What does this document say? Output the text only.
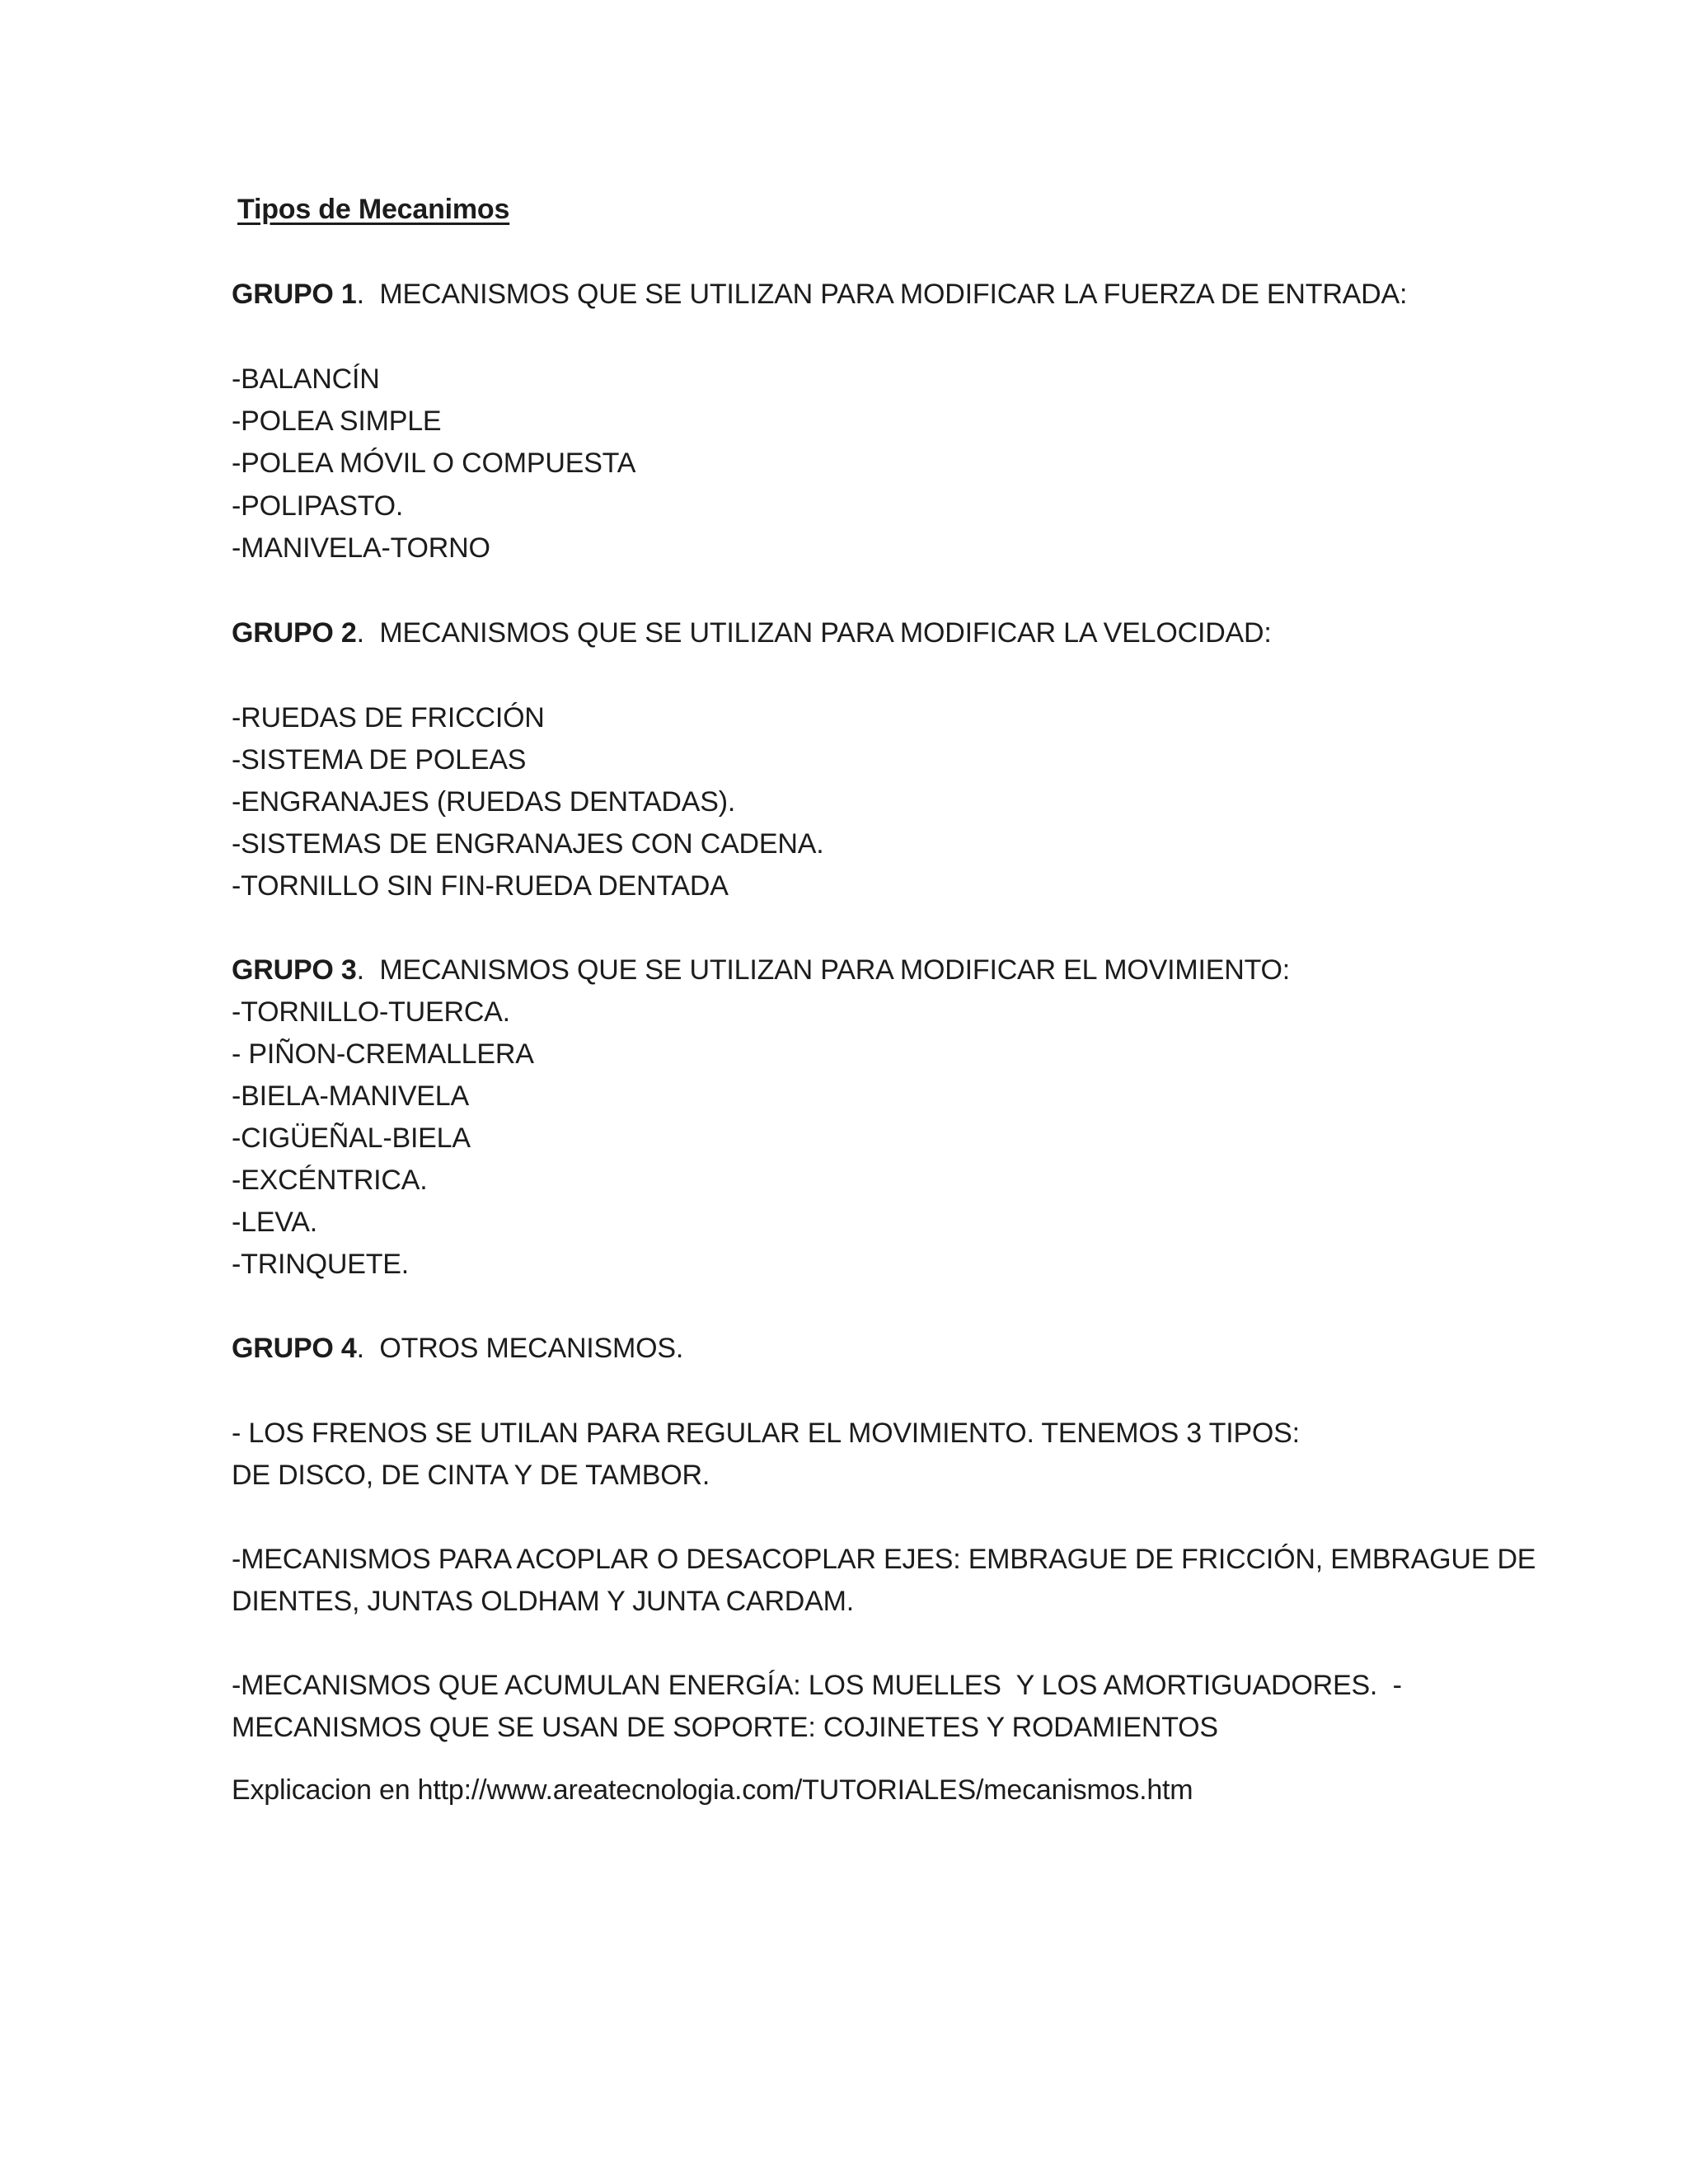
Tipos de Mecanimos
GRUPO 1.  MECANISMOS QUE SE UTILIZAN PARA MODIFICAR LA FUERZA DE ENTRADA:
-BALANCÍN
-POLEA SIMPLE
-POLEA MÓVIL O COMPUESTA
-POLIPASTO.
-MANIVELA-TORNO
GRUPO 2.  MECANISMOS QUE SE UTILIZAN PARA MODIFICAR LA VELOCIDAD:
-RUEDAS DE FRICCIÓN
-SISTEMA DE POLEAS
-ENGRANAJES (RUEDAS DENTADAS).
-SISTEMAS DE ENGRANAJES CON CADENA.
-TORNILLO SIN FIN-RUEDA DENTADA
GRUPO 3.  MECANISMOS QUE SE UTILIZAN PARA MODIFICAR EL MOVIMIENTO:
-TORNILLO-TUERCA.
- PIÑON-CREMALLERA
-BIELA-MANIVELA
-CIGÜEÑAL-BIELA
-EXCÉNTRICA.
-LEVA.
-TRINQUETE.
GRUPO 4.  OTROS MECANISMOS.
- LOS FRENOS SE UTILAN PARA REGULAR EL MOVIMIENTO. TENEMOS 3 TIPOS:
DE DISCO, DE CINTA Y DE TAMBOR.
-MECANISMOS PARA ACOPLAR O DESACOPLAR EJES: EMBRAGUE DE FRICCIÓN, EMBRAGUE DE
DIENTES, JUNTAS OLDHAM Y JUNTA CARDAM.
-MECANISMOS QUE ACUMULAN ENERGÍA: LOS MUELLES  Y LOS AMORTIGUADORES.  -
MECANISMOS QUE SE USAN DE SOPORTE: COJINETES Y RODAMIENTOS
Explicacion en http://www.areatecnologia.com/TUTORIALES/mecanismos.htm
